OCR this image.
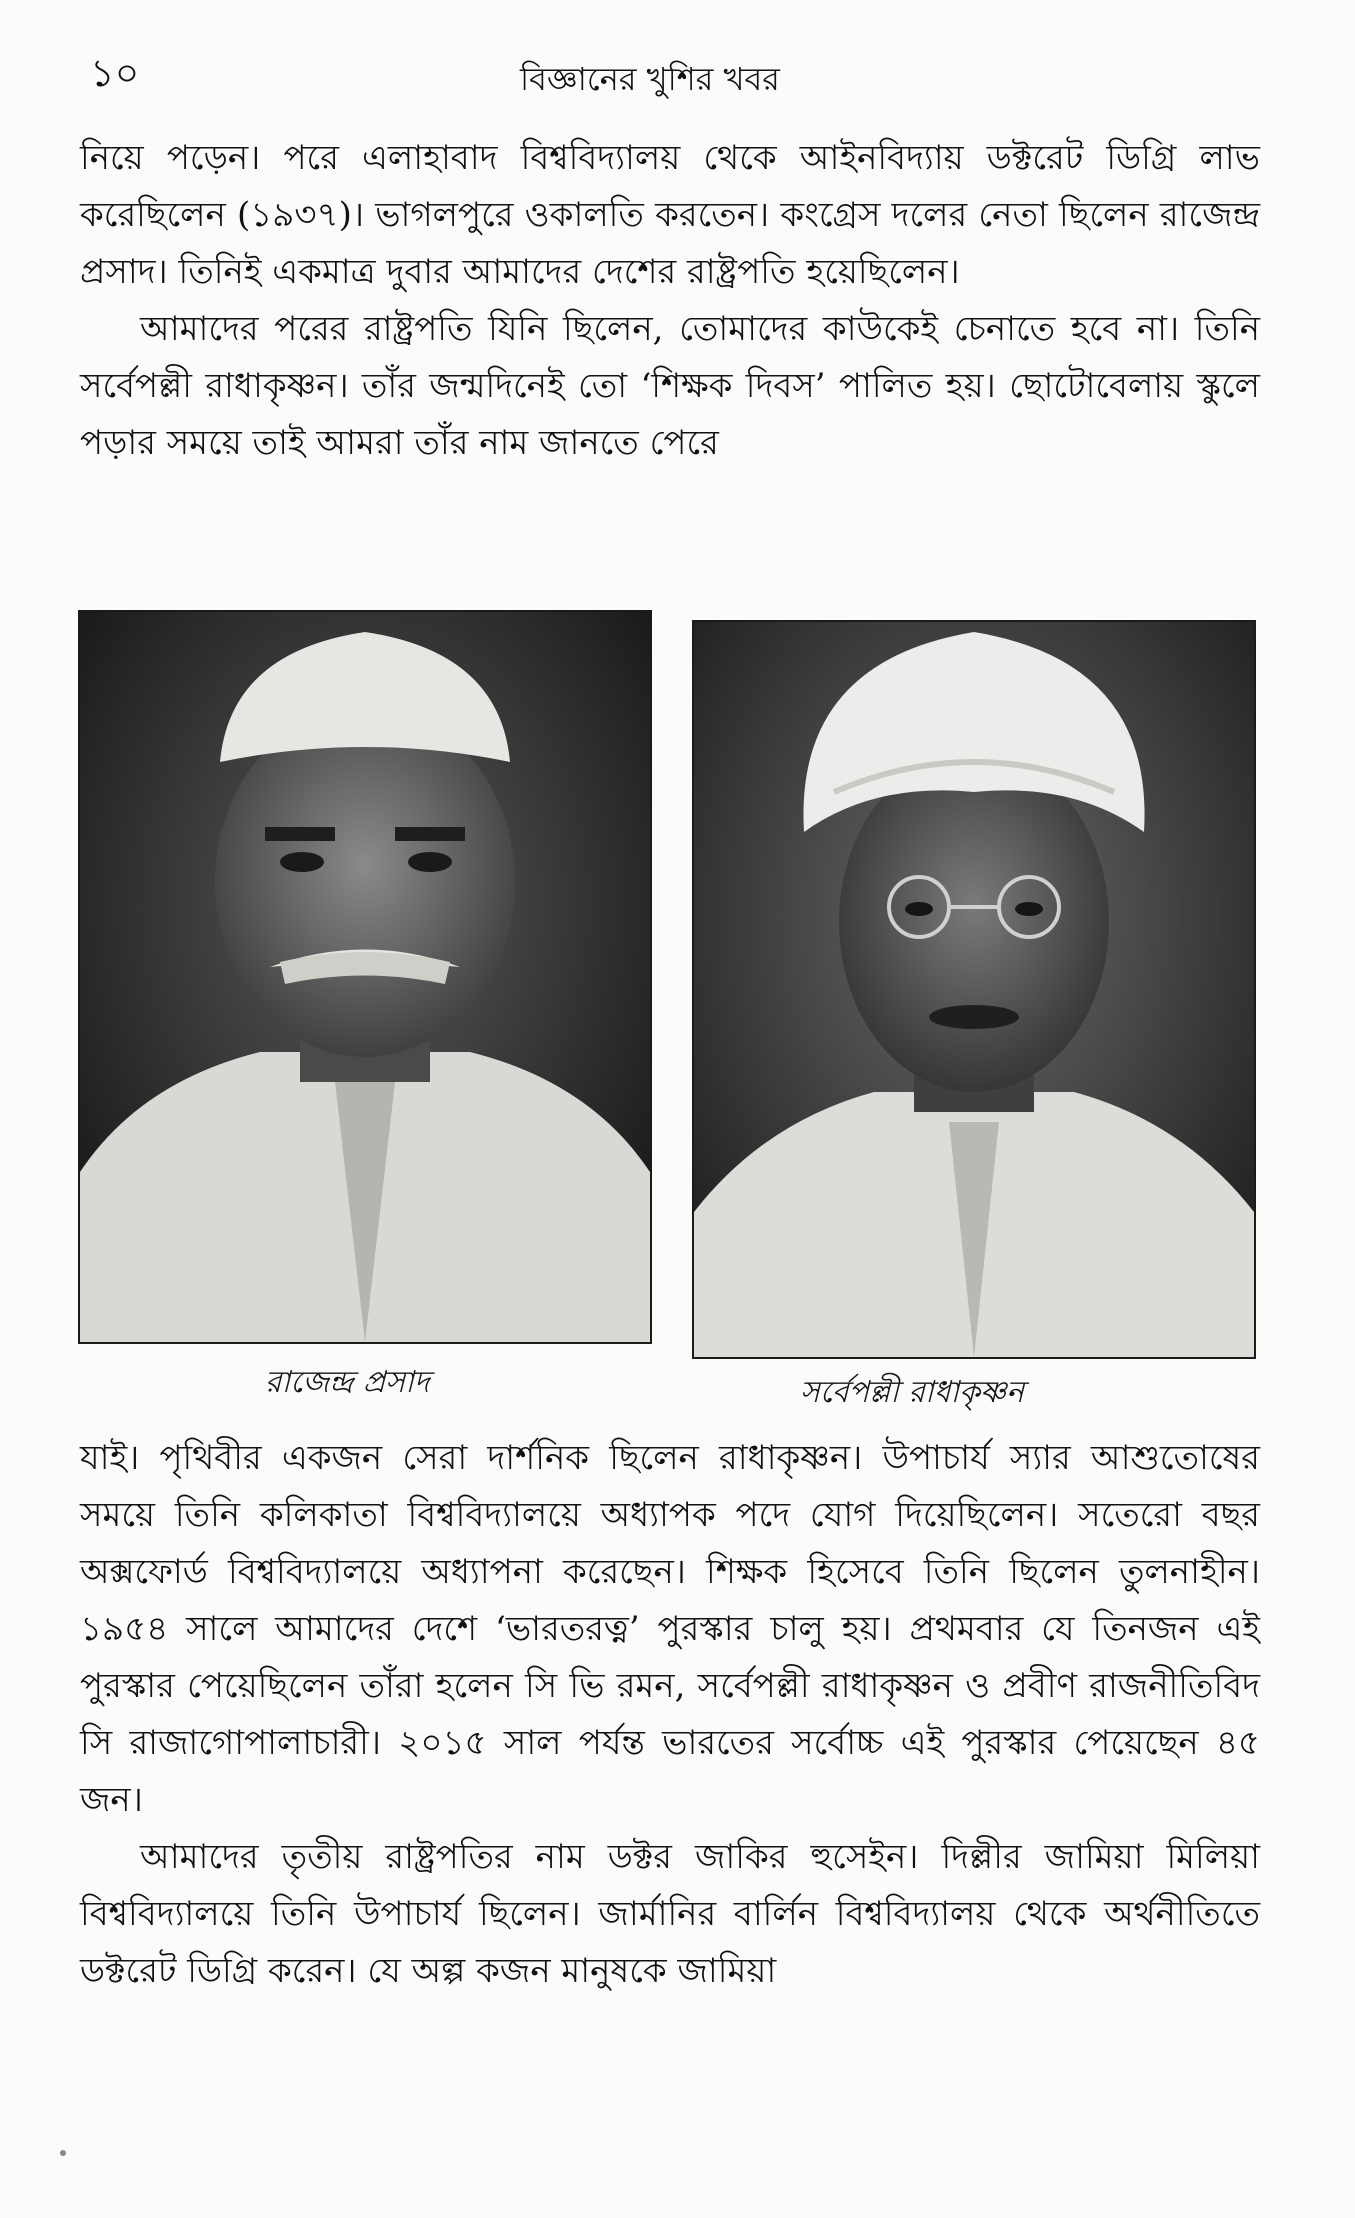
১০	বিজ্ঞানের খুশির খবর

নিয়ে পড়েন। পরে এলাহাবাদ বিশ্ববিদ্যালয় থেকে আইনবিদ্যায় ডক্টরেট ডিগ্রি লাভ করেছিলেন (১৯৩৭)। ভাগলপুরে ওকালতি করতেন। কংগ্রেস দলের নেতা ছিলেন রাজেন্দ্র প্রসাদ। তিনিই একমাত্র দুবার আমাদের দেশের রাষ্ট্রপতি হয়েছিলেন।

আমাদের পরের রাষ্ট্রপতি যিনি ছিলেন, তোমাদের কাউকেই চেনাতে হবে না। তিনি সর্বেপল্লী রাধাকৃষ্ণন। তাঁর জন্মদিনেই তো ‘শিক্ষক দিবস’ পালিত হয়। ছোটোবেলায় স্কুলে পড়ার সময়ে তাই আমরা তাঁর নাম জানতে পেরে

রাজেন্দ্র প্রসাদ	সর্বেপল্লী রাধাকৃষ্ণন

যাই। পৃথিবীর একজন সেরা দার্শনিক ছিলেন রাধাকৃষ্ণন। উপাচার্য স্যার আশুতোষের সময়ে তিনি কলিকাতা বিশ্ববিদ্যালয়ে অধ্যাপক পদে যোগ দিয়েছিলেন। সতেরো বছর অক্সফোর্ড বিশ্ববিদ্যালয়ে অধ্যাপনা করেছেন। শিক্ষক হিসেবে তিনি ছিলেন তুলনাহীন। ১৯৫৪ সালে আমাদের দেশে ‘ভারতরত্ন’ পুরস্কার চালু হয়। প্রথমবার যে তিনজন এই পুরস্কার পেয়েছিলেন তাঁরা হলেন সি ভি রমন, সর্বেপল্লী রাধাকৃষ্ণন ও প্রবীণ রাজনীতিবিদ সি রাজাগোপালাচারী। ২০১৫ সাল পর্যন্ত ভারতের সর্বোচ্চ এই পুরস্কার পেয়েছেন ৪৫ জন।

আমাদের তৃতীয় রাষ্ট্রপতির নাম ডক্টর জাকির হুসেইন। দিল্লীর জামিয়া মিলিয়া বিশ্ববিদ্যালয়ে তিনি উপাচার্য ছিলেন। জার্মানির বার্লিন বিশ্ববিদ্যালয় থেকে অর্থনীতিতে ডক্টরেট ডিগ্রি করেন। যে অল্প কজন মানুষকে জামিয়া
